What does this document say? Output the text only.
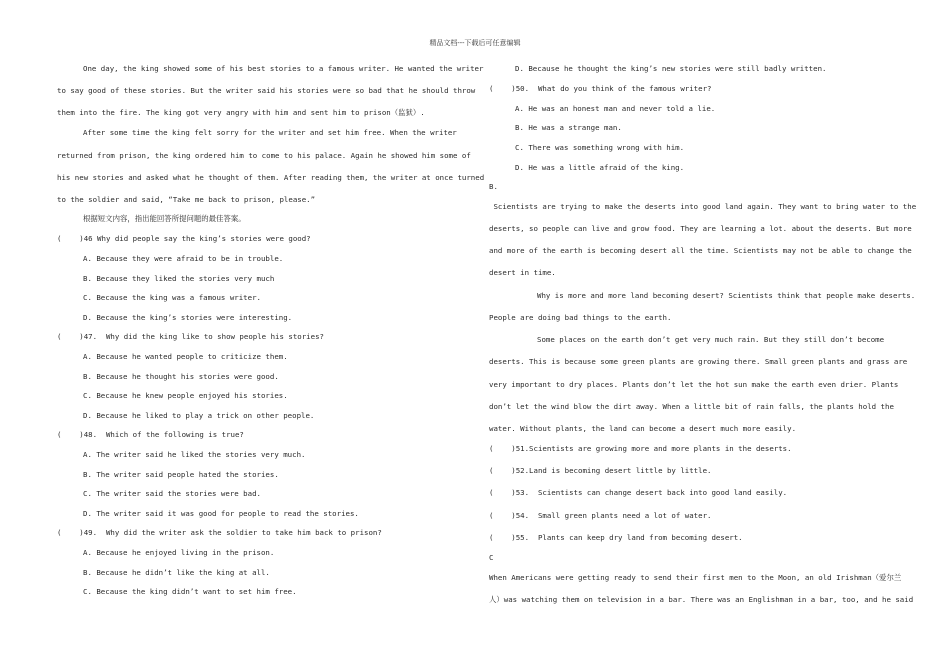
精品文档---下载后可任意编辑
One day, the king showed some of his best stories to a famous writer. He wanted the writer
to say good of these stories. But the writer said his stories were so bad that he should throw
them into the fire. The king got very angry with him and sent him to prison（监狱）.
After some time the king felt sorry for the writer and set him free. When the writer
returned from prison, the king ordered him to come to his palace. Again he showed him some of
his new stories and asked what he thought of them. After reading them, the writer at once turned
to the soldier and said, “Take me back to prison, please.”
根据短文内容，指出能回答所提问题的最佳答案。
(    )46 Why did people say the king’s stories were good?
A. Because they were afraid to be in trouble.
B. Because they liked the stories very much
C. Because the king was a famous writer.
D. Because the king’s stories were interesting.
(    )47.  Why did the king like to show people his stories?
A. Because he wanted people to criticize them.
B. Because he thought his stories were good.
C. Because he knew people enjoyed his stories.
D. Because he liked to play a trick on other people.
(    )48.  Which of the following is true?
A. The writer said he liked the stories very much.
B. The writer said people hated the stories.
C. The writer said the stories were bad.
D. The writer said it was good for people to read the stories.
(    )49.  Why did the writer ask the soldier to take him back to prison?
A. Because he enjoyed living in the prison.
B. Because he didn’t like the king at all.
C. Because the king didn’t want to set him free.
D. Because he thought the king’s new stories were still badly written.
(    )50.  What do you think of the famous writer?
A. He was an honest man and never told a lie.
B. He was a strange man.
C. There was something wrong with him.
D. He was a little afraid of the king.
B.
Scientists are trying to make the deserts into good land again. They want to bring water to the
deserts, so people can live and grow food. They are learning a lot. about the deserts. But more
and more of the earth is becoming desert all the time. Scientists may not be able to change the
desert in time.
Why is more and more land becoming desert? Scientists think that people make deserts.
People are doing bad things to the earth.
Some places on the earth don’t get very much rain. But they still don’t become
deserts. This is because some green plants are growing there. Small green plants and grass are
very important to dry places. Plants don’t let the hot sun make the earth even drier. Plants
don’t let the wind blow the dirt away. When a little bit of rain falls, the plants hold the
water. Without plants, the land can become a desert much more easily.
(    )51.Scientists are growing more and more plants in the deserts.
(    )52.Land is becoming desert little by little.
(    )53.  Scientists can change desert back into good land easily.
(    )54.  Small green plants need a lot of water.
(    )55.  Plants can keep dry land from becoming desert.
C
When Americans were getting ready to send their first men to the Moon, an old Irishman（爱尔兰
人）was watching them on television in a bar. There was an Englishman in a bar, too, and he said
